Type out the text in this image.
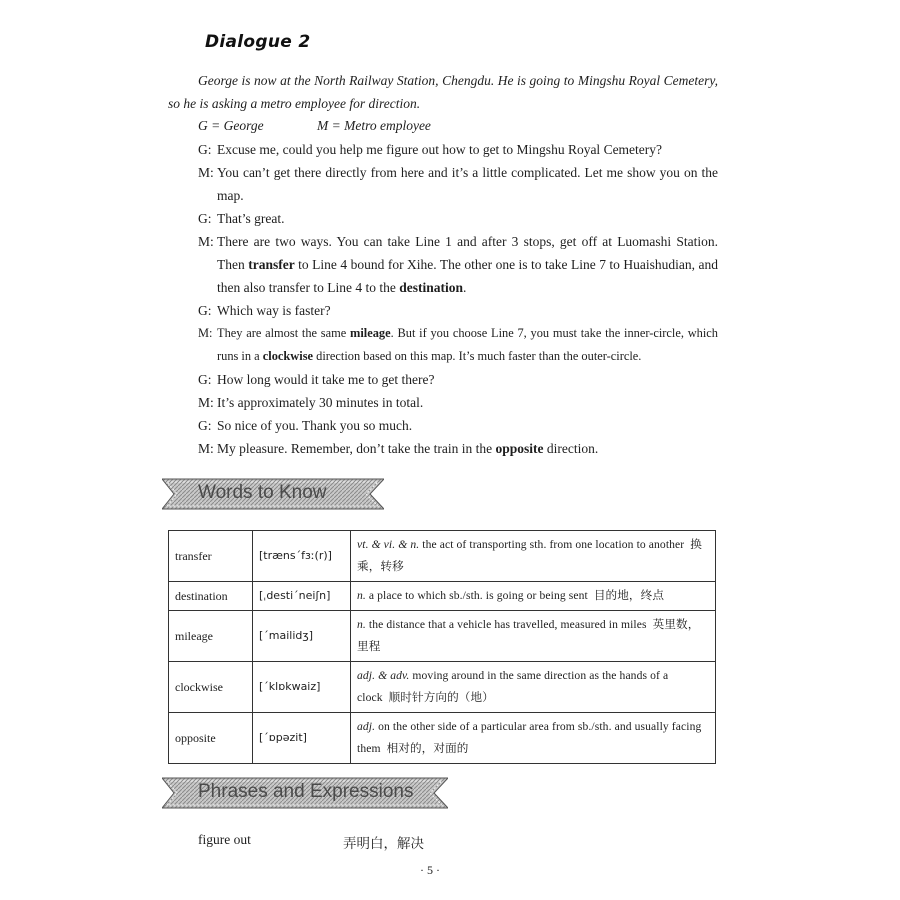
Dialogue 2
George is now at the North Railway Station, Chengdu. He is going to Mingshu Royal Cemetery, so he is asking a metro employee for direction.
G = George	M = Metro employee
G: Excuse me, could you help me figure out how to get to Mingshu Royal Cemetery?
M: You can’t get there directly from here and it’s a little complicated. Let me show you on the map.
G: That’s great.
M: There are two ways. You can take Line 1 and after 3 stops, get off at Luomashi Station. Then transfer to Line 4 bound for Xihe. The other one is to take Line 7 to Huaishudian, and then also transfer to Line 4 to the destination.
G: Which way is faster?
M: They are almost the same mileage. But if you choose Line 7, you must take the inner-circle, which runs in a clockwise direction based on this map. It’s much faster than the outer-circle.
G: How long would it take me to get there?
M: It’s approximately 30 minutes in total.
G: So nice of you. Thank you so much.
M: My pleasure. Remember, don’t take the train in the opposite direction.
Words to Know
transfer	[træns΄fɜː(r)]	vt. & vi. & n. the act of transporting sth. from one location to another 换乘，转移
destination	[ˌdesti΄neiʃn]	n. a place to which sb./sth. is going or being sent 目的地，终点
mileage	[΄mailidʒ]	n. the distance that a vehicle has travelled, measured in miles 英里数，里程
clockwise	[΄klɒkwaiz]	adj. & adv. moving around in the same direction as the hands of a clock 顺时针方向的（地）
opposite	[΄ɒpəzit]	adj. on the other side of a particular area from sb./sth. and usually facing them 相对的，对面的
Phrases and Expressions
figure out	弄明白，解决
· 5 ·
